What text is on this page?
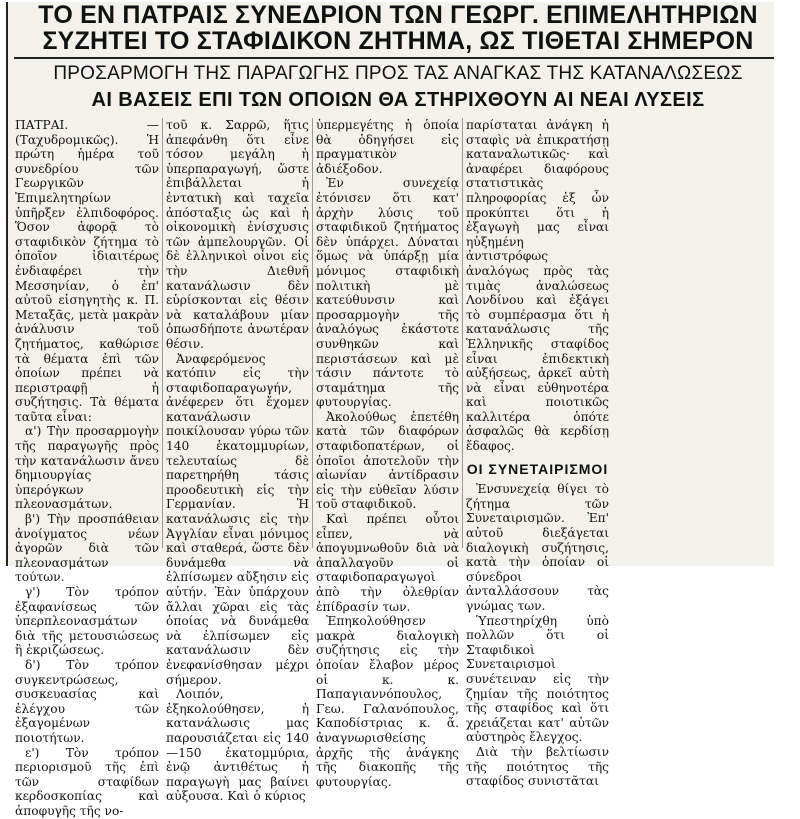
ΤΟ ΕΝ ΠΑΤΡΑΙΣ ΣΥΝΕΔΡΙΟΝ ΤΩΝ ΓΕΩΡΓ. ΕΠΙΜΕΛΗΤΗΡΙΩΝ
ΣΥΖΗΤΕΙ ΤΟ ΣΤΑΦΙΔΙΚΟΝ ΖΗΤΗΜΑ, ΩΣ ΤΙΘΕΤΑΙ ΣΗΜΕΡΟΝ
ΠΡΟΣΑΡΜΟΓΗ ΤΗΣ ΠΑΡΑΓΩΓΗΣ ΠΡΟΣ ΤΑΣ ΑΝΑΓΚΑΣ ΤΗΣ ΚΑΤΑΝΑΛΩΣΕΩΣ
ΑΙ ΒΑΣΕΙΣ ΕΠΙ ΤΩΝ ΟΠΟΙΩΝ ΘΑ ΣΤΗΡΙΧΘΟΥΝ ΑΙ ΝΕΑΙ ΛΥΣΕΙΣ

ΠΑΤΡΑΙ. — (Ταχυδρομικῶς). Ἡ πρώτη ἡμέρα τοῦ συνεδρίου τῶν Γεωργικῶν Ἐπιμελητηρίων ὑπῆρξεν ἐλπιδοφόρος. Ὅσον ἀφορᾷ τὸ σταφιδικὸν ζήτημα τὸ ὁποῖον ἰδιαιτέρως ἐνδιαφέρει τὴν Μεσσηνίαν, ὁ ἐπ' αὐτοῦ εἰσηγητὴς κ. Π. Μεταξᾶς, μετὰ μακρὰν ἀνάλυσιν τοῦ ζητήματος, καθώρισε τὰ θέματα ἐπὶ τῶν ὁποίων πρέπει νὰ περιστραφῇ ἡ συζήτησις. Τὰ θέματα ταῦτα εἶναι:

α') Τὴν προσαρμογὴν τῆς παραγωγῆς πρὸς τὴν κατανάλωσιν ἄνευ δημιουργίας ὑπερόγκων πλεονασμάτων.

β') Τὴν προσπάθειαν ἀνοίγματος νέων ἀγορῶν διὰ τῶν πλεονασμάτων τούτων.

γ') Τὸν τρόπον ἐξαφανίσεως τῶν ὑπερπλεονασμάτων διὰ τῆς μετουσιώσεως ἢ ἐκριζώσεως.

δ') Τὸν τρόπον συγκεντρώσεως, συσκευασίας καὶ ἐλέγχου τῶν ἐξαγομένων ποιοτήτων.

ε') Τὸν τρόπον περιορισμοῦ τῆς ἐπὶ τῶν σταφίδων κερδοσκοπίας καὶ ἀποφυγῆς τῆς νο-

τοῦ κ. Σαρρῶ, ἥτις ἀπεφάνθη ὅτι εἶνε τόσον μεγάλη ἡ ὑπερπαραγωγή, ὥστε ἐπιβάλλεται ἡ ἐντατικὴ καὶ ταχεῖα ἀπόσταξις ὡς καὶ ἡ οἰκονομικὴ ἐνίσχυσις τῶν ἀμπελουργῶν. Οἱ δὲ ἑλληνικοὶ οἶνοι εἰς τὴν Διεθνῆ κατανάλωσιν δὲν εὑρίσκονται εἰς θέσιν νὰ καταλάβουν μίαν ὁπωσδήποτε ἀνωτέραν θέσιν.

Ἀναφερόμενος κατόπιν εἰς τὴν σταφιδοπαραγωγήν, ἀνέφερεν ὅτι ἔχομεν κατανάλωσιν ποικίλουσαν γύρω τῶν 140 ἑκατομμυρίων, τελευταίως δὲ παρετηρήθη τάσις προοδευτικὴ εἰς τὴν Γερμανίαν. Ἡ κατανάλωσις εἰς τὴν Ἀγγλίαν εἶναι μόνιμος καὶ σταθερά, ὥστε δὲν δυνάμεθα νὰ ἐλπίσωμεν αὔξησιν εἰς αὐτήν. Ἐὰν ὑπάρχουν ἄλλαι χῶραι εἰς τὰς ὁποίας νὰ δυνάμεθα νὰ ἐλπίσωμεν εἰς κατανάλωσιν δὲν ἐνεφανίσθησαν μέχρι σήμερον.

Λοιπόν, ἐξηκολούθησεν, ἡ κατανάλωσις μας παρουσιάζεται εἰς 140—150 ἑκατομμύρια, ἐνῷ ἀντιθέτως ἡ παραγωγὴ μας βαίνει αὐξουσα. Καὶ ὁ κύριος

ὑπερμεγέτης ἡ ὁποία θὰ ὁδηγήσει εἰς πραγματικὸν ἀδιέξοδον.

Ἐν συνεχείᾳ ἐτόνισεν ὅτι κατ' ἀρχὴν λύσις τοῦ σταφιδικοῦ ζητήματος δὲν ὑπάρχει. Δύναται ὅμως νὰ ὑπάρξῃ μία μόνιμος σταφιδικὴ πολιτικὴ μὲ κατεύθυνσιν καὶ προσαρμογὴν τῆς ἀναλόγως ἑκάστοτε συνθηκῶν καὶ περιστάσεων καὶ μὲ τάσιν πάντοτε τὸ σταμάτημα τῆς φυτουργίας.

Ἀκολούθως ἐπετέθη κατὰ τῶν διαφόρων σταφιδοπατέρων, οἱ ὁποῖοι ἀποτελοῦν τὴν αἰωνίαν ἀντίδρασιν εἰς τὴν εὐθεῖαν λύσιν τοῦ σταφιδικοῦ.

Καὶ πρέπει οὗτοι εἶπεν, νὰ ἀπογυμνωθοῦν διὰ νὰ ἀπαλλαγοῦν οἱ σταφιδοπαραγωγοὶ ἀπὸ τὴν ὀλεθρίαν ἐπίδρασίν των.

Ἐπηκολούθησεν μακρὰ διαλογικὴ συζήτησις εἰς τὴν ὁποίαν ἔλαβον μέρος οἱ κ. κ. Παπαγιαννόπουλος, Γεω. Γαλανόπουλος, Καποδίστριας κ. ἄ. ἀναγνωρισθείσης ἀρχῆς τῆς ἀνάγκης τῆς διακοπῆς τῆς φυτουργίας.

παρίσταται ἀνάγκη ἡ σταφὶς νὰ ἐπικρατήσῃ καταναλωτικῶς· καὶ ἀναφέρει διαφόρους στατιστικὰς πληροφορίας ἐξ ὧν προκύπτει ὅτι ἡ ἐξαγωγὴ μας εἶναι ηὐξημένη ἀντιστρόφως ἀναλόγως πρὸς τὰς τιμὰς ἀναλώσεως Λονδίνου καὶ ἐξάγει τὸ συμπέρασμα ὅτι ἡ κατανάλωσις τῆς Ἑλληνικῆς σταφίδος εἶναι ἐπιδεκτικὴ αὐξήσεως, ἀρκεῖ αὐτὴ νὰ εἶναι εὐθηνοτέρα καὶ ποιοτικῶς καλλιτέρα ὁπότε ἀσφαλῶς θὰ κερδίσῃ ἔδαφος.

ΟΙ ΣΥΝΕΤΑΙΡΙΣΜΟΙ

Ἐνσυνεχείᾳ θίγει τὸ ζήτημα τῶν Συνεταιρισμῶν. Ἐπ' αὐτοῦ διεξάγεται διαλογικὴ συζήτησις, κατὰ τὴν ὁποίαν οἱ σύνεδροι ἀνταλλάσσουν τὰς γνώμας των.

Ὑπεστηρίχθη ὑπὸ πολλῶν ὅτι οἱ Σταφιδικοὶ Συνεταιρισμοὶ συνέτειναν εἰς τὴν ζημίαν τῆς ποιότητος τῆς σταφίδος καὶ ὅτι χρειάζεται κατ' αὐτῶν αὐστηρὸς ἔλεγχος.

Διὰ τὴν βελτίωσιν τῆς ποιότητος τῆς σταφίδος συνιστᾶται
